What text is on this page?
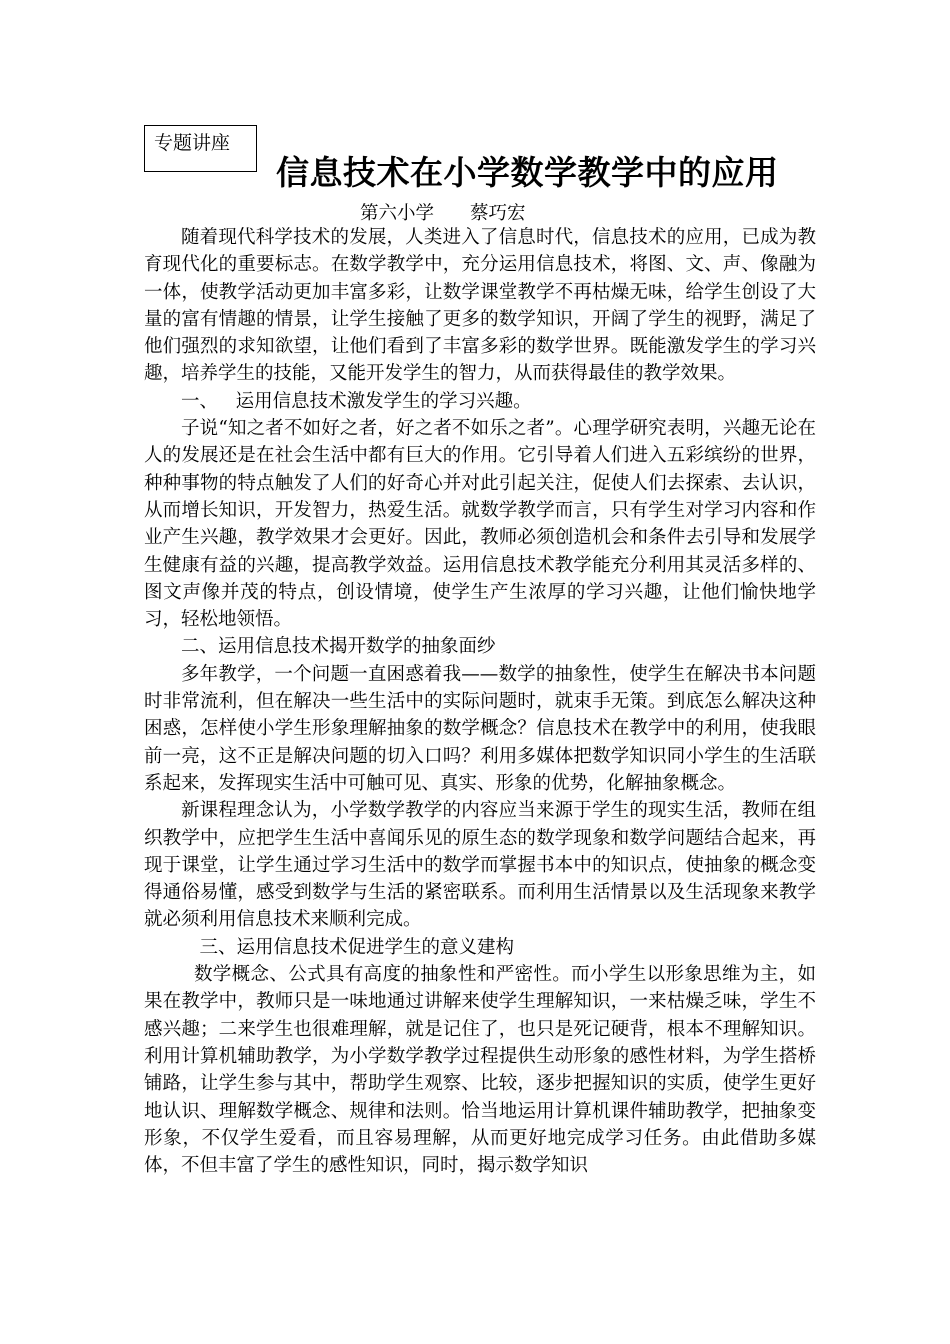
专题讲座
信息技术在小学数学教学中的应用
第六小学 蔡巧宏

随着现代科学技术的发展，人类进入了信息时代，信息技术的应用，已成为教育现代化的重要标志。在数学教学中，充分运用信息技术，将图、文、声、像融为一体，使教学活动更加丰富多彩，让数学课堂教学不再枯燥无味，给学生创设了大量的富有情趣的情景，让学生接触了更多的数学知识，开阔了学生的视野，满足了他们强烈的求知欲望，让他们看到了丰富多彩的数学世界。既能激发学生的学习兴趣，培养学生的技能，又能开发学生的智力，从而获得最佳的教学效果。

一、   运用信息技术激发学生的学习兴趣。

子说“知之者不如好之者，好之者不如乐之者”。心理学研究表明，兴趣无论在人的发展还是在社会生活中都有巨大的作用。它引导着人们进入五彩缤纷的世界，种种事物的特点触发了人们的好奇心并对此引起关注，促使人们去探索、去认识，从而增长知识，开发智力，热爱生活。就数学教学而言，只有学生对学习内容和作业产生兴趣，教学效果才会更好。因此，教师必须创造机会和条件去引导和发展学生健康有益的兴趣，提高教学效益。运用信息技术教学能充分利用其灵活多样的、图文声像并茂的特点，创设情境，使学生产生浓厚的学习兴趣，让他们愉快地学习，轻松地领悟。

二、运用信息技术揭开数学的抽象面纱

多年教学，一个问题一直困惑着我——数学的抽象性，使学生在解决书本问题时非常流利，但在解决一些生活中的实际问题时，就束手无策。到底怎么解决这种困惑，怎样使小学生形象理解抽象的数学概念？信息技术在教学中的利用，使我眼前一亮，这不正是解决问题的切入口吗？利用多媒体把数学知识同小学生的生活联系起来，发挥现实生活中可触可见、真实、形象的优势，化解抽象概念。

新课程理念认为，小学数学教学的内容应当来源于学生的现实生活，教师在组织教学中，应把学生生活中喜闻乐见的原生态的数学现象和数学问题结合起来，再现于课堂，让学生通过学习生活中的数学而掌握书本中的知识点，使抽象的概念变得通俗易懂，感受到数学与生活的紧密联系。而利用生活情景以及生活现象来教学就必须利用信息技术来顺利完成。

三、运用信息技术促进学生的意义建构

数学概念、公式具有高度的抽象性和严密性。而小学生以形象思维为主，如果在教学中，教师只是一味地通过讲解来使学生理解知识，一来枯燥乏味，学生不感兴趣；二来学生也很难理解，就是记住了，也只是死记硬背，根本不理解知识。利用计算机辅助教学，为小学数学教学过程提供生动形象的感性材料，为学生搭桥铺路，让学生参与其中，帮助学生观察、比较，逐步把握知识的实质，使学生更好地认识、理解数学概念、规律和法则。恰当地运用计算机课件辅助教学，把抽象变形象，不仅学生爱看，而且容易理解，从而更好地完成学习任务。由此借助多媒体，不但丰富了学生的感性知识，同时，揭示数学知识
